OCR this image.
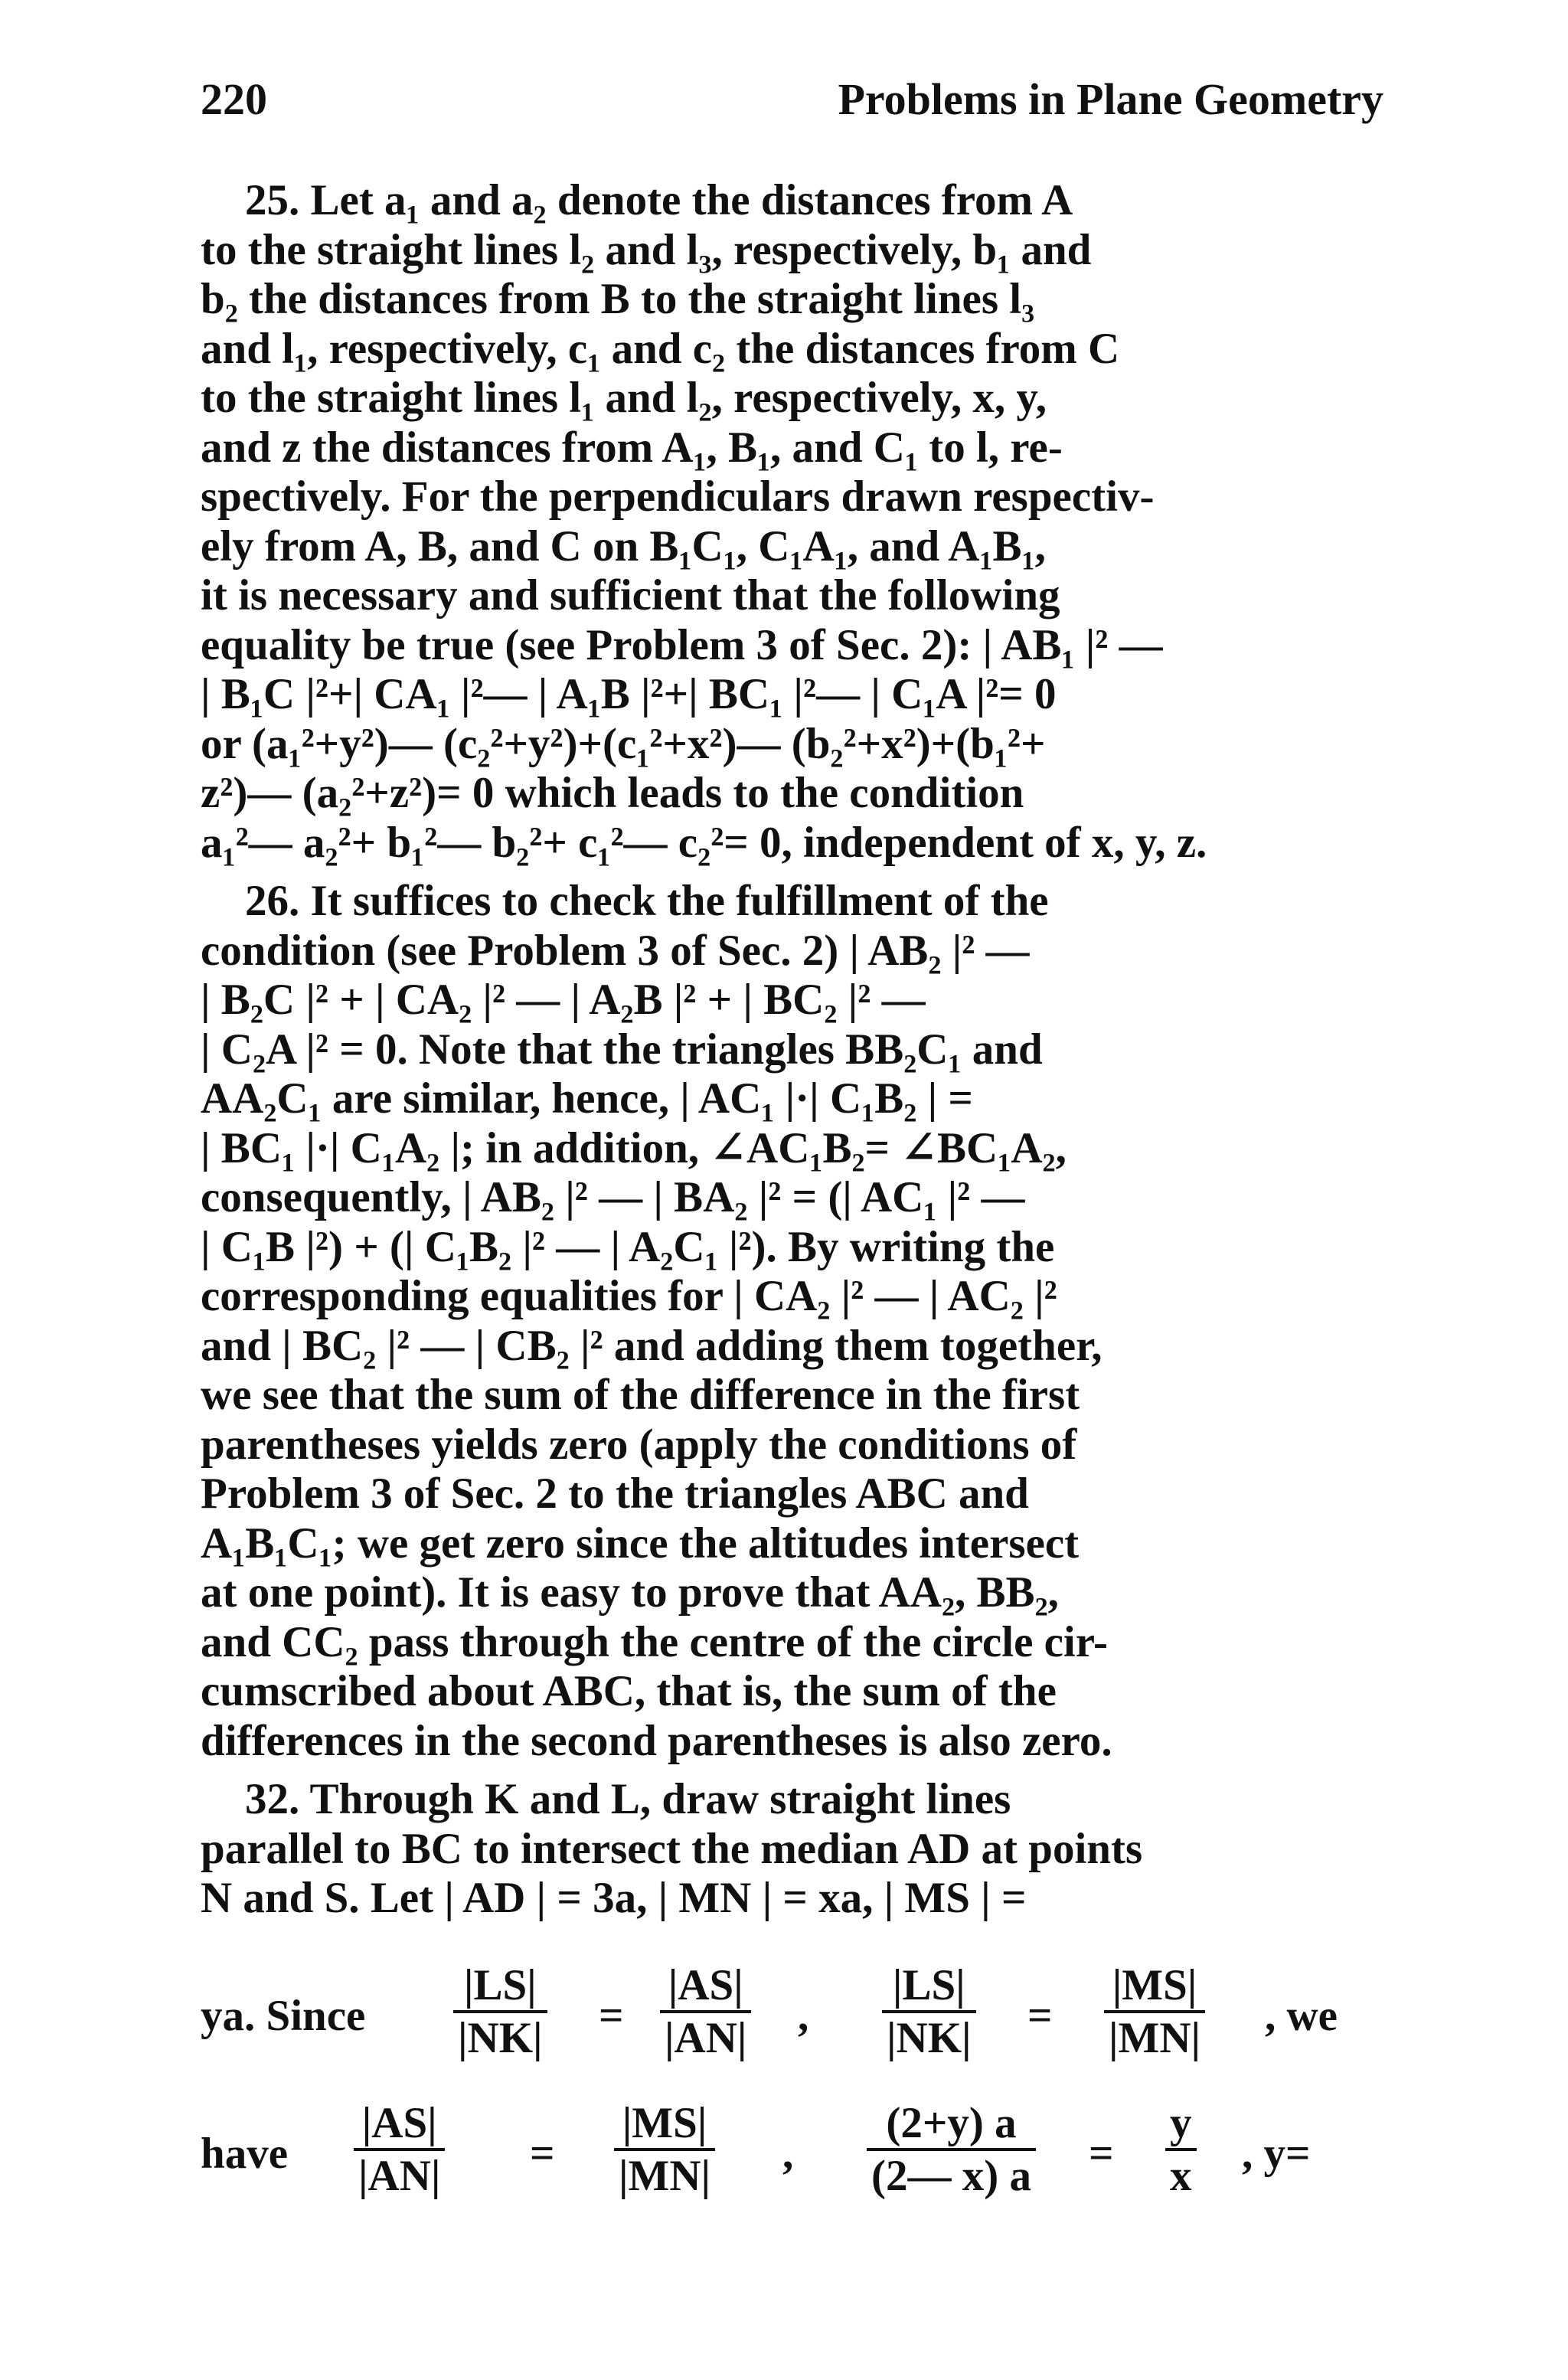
220	Problems in Plane Geometry
25. Let a₁ and a₂ denote the distances from A
to the straight lines l₂ and l₃, respectively, b₁ and
b₂ the distances from B to the straight lines l₃
and l₁, respectively, c₁ and c₂ the distances from C
to the straight lines l₁ and l₂, respectively, x, y,
and z the distances from A₁, B₁, and C₁ to l, re-
spectively. For the perpendiculars drawn respectiv-
ely from A, B, and C on B₁C₁, C₁A₁, and A₁B₁,
it is necessary and sufficient that the following
equality be true (see Problem 3 of Sec. 2): | AB₁ |² —
| B₁C |²+| CA₁ |²— | A₁B |²+| BC₁ |²— | C₁A |²= 0
or (a₁²+y²)— (c₂²+y²)+(c₁²+x²)— (b₂²+x²)+(b₁²+
z²)— (a₂²+z²)= 0 which leads to the condition
a₁²— a₂²+ b₁²— b₂²+ c₁²— c₂²= 0, independent of x, y, z.
26. It suffices to check the fulfillment of the
condition (see Problem 3 of Sec. 2) | AB₂ |² —
| B₂C |² + | CA₂ |² — | A₂B |² + | BC₂ |² —
| C₂A |² = 0. Note that the triangles BB₂C₁ and
AA₂C₁ are similar, hence, | AC₁ |·| C₁B₂ | =
| BC₁ |·| C₁A₂ |; in addition, ∠AC₁B₂= ∠BC₁A₂,
consequently, | AB₂ |² — | BA₂ |² = (| AC₁ |² —
| C₁B |²) + (| C₁B₂ |² — | A₂C₁ |²). By writing the
corresponding equalities for | CA₂ |² — | AC₂ |²
and | BC₂ |² — | CB₂ |² and adding them together,
we see that the sum of the difference in the first
parentheses yields zero (apply the conditions of
Problem 3 of Sec. 2 to the triangles ABC and
A₁B₁C₁; we get zero since the altitudes intersect
at one point). It is easy to prove that AA₂, BB₂,
and CC₂ pass through the centre of the circle cir-
cumscribed about ABC, that is, the sum of the
differences in the second parentheses is also zero.
32. Through K and L, draw straight lines
parallel to BC to intersect the median AD at points
N and S. Let | AD | = 3a, | MN | = xa, | MS | =
ya. Since $\frac{|LS|}{|NK|} = \frac{|AS|}{|AN|}$ , $\frac{|LS|}{|NK|} = \frac{|MS|}{|MN|}$ , we
have $\frac{|AS|}{|AN|} = \frac{|MS|}{|MN|}$ , $\frac{(2+y) a}{(2— x) a} = \frac{y}{x}$ , y=
